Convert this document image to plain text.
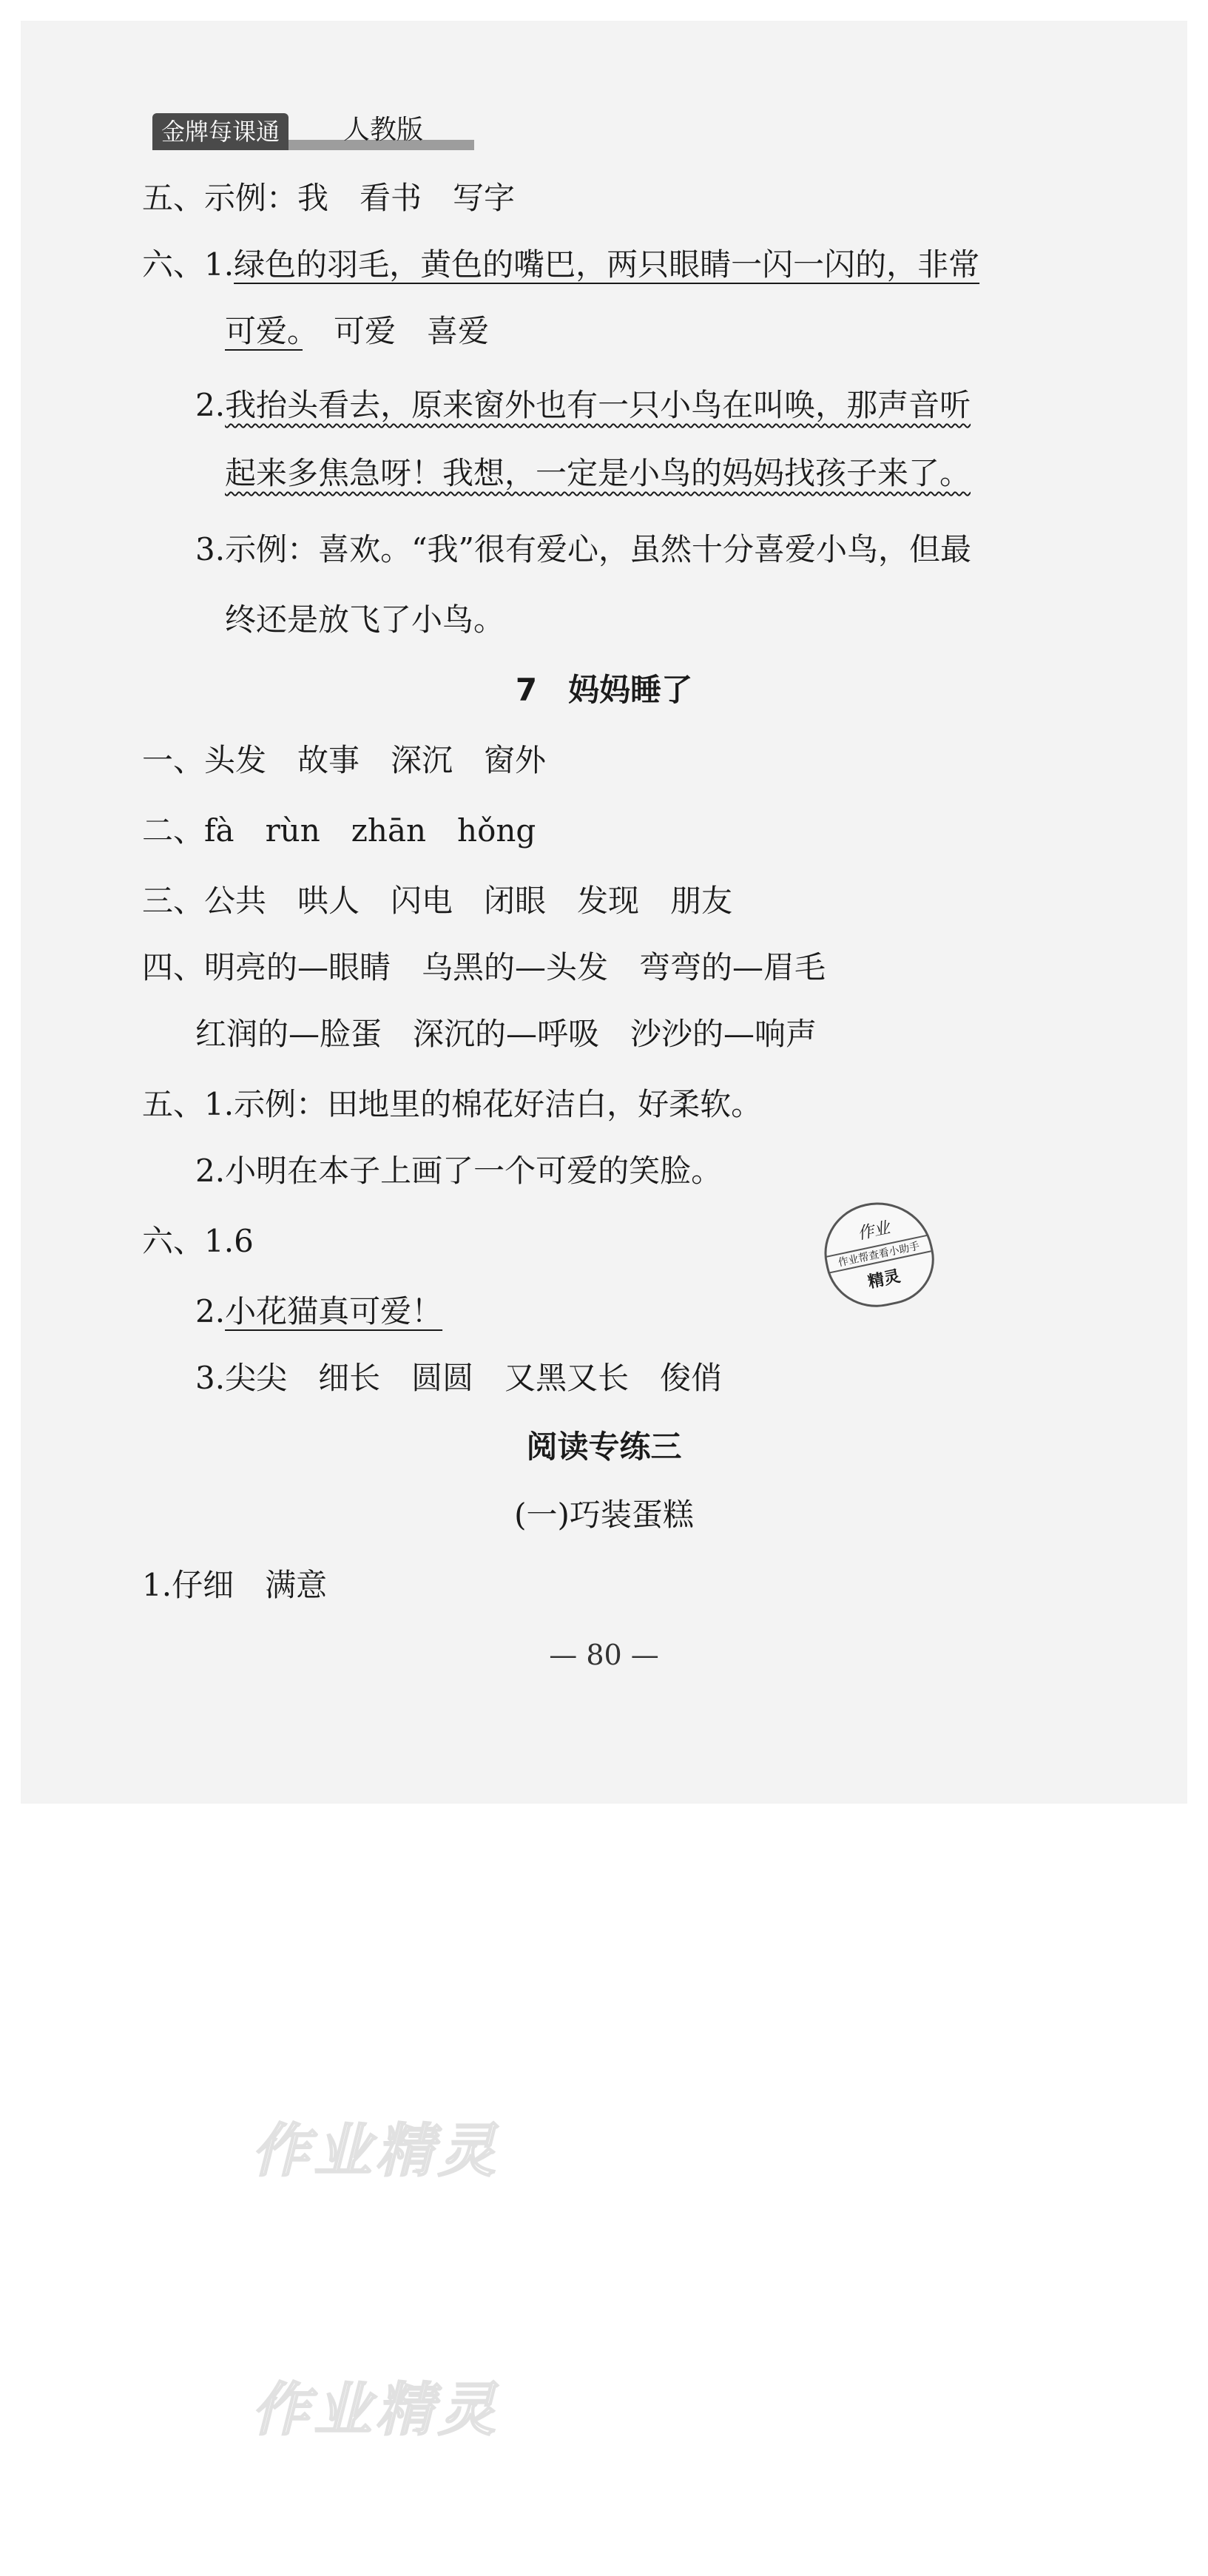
金牌每课通	人教版
五、示例：我　看书　写字
六、1.绿色的羽毛，黄色的嘴巴，两只眼睛一闪一闪的，非常
可爱。　可爱　喜爱
2.我抬头看去，原来窗外也有一只小鸟在叫唤，那声音听
起来多焦急呀！我想，一定是小鸟的妈妈找孩子来了。
3.示例：喜欢。“我”很有爱心，虽然十分喜爱小鸟，但最
终还是放飞了小鸟。
7　妈妈睡了
一、头发　故事　深沉　窗外
二、fà　rùn　zhān　hǒng
三、公共　哄人　闪电　闭眼　发现　朋友
四、明亮的—眼睛　乌黑的—头发　弯弯的—眉毛
红润的—脸蛋　深沉的—呼吸　沙沙的—响声
五、1.示例：田地里的棉花好洁白，好柔软。
2.小明在本子上画了一个可爱的笑脸。
六、1.6
2.小花猫真可爱！
3.尖尖　细长　圆圆　又黑又长　俊俏
作业
作业帮查看小助手
精灵
阅读专练三
(一)巧装蛋糕
1.仔细　满意
— 80 —
作业精灵
作业精灵
